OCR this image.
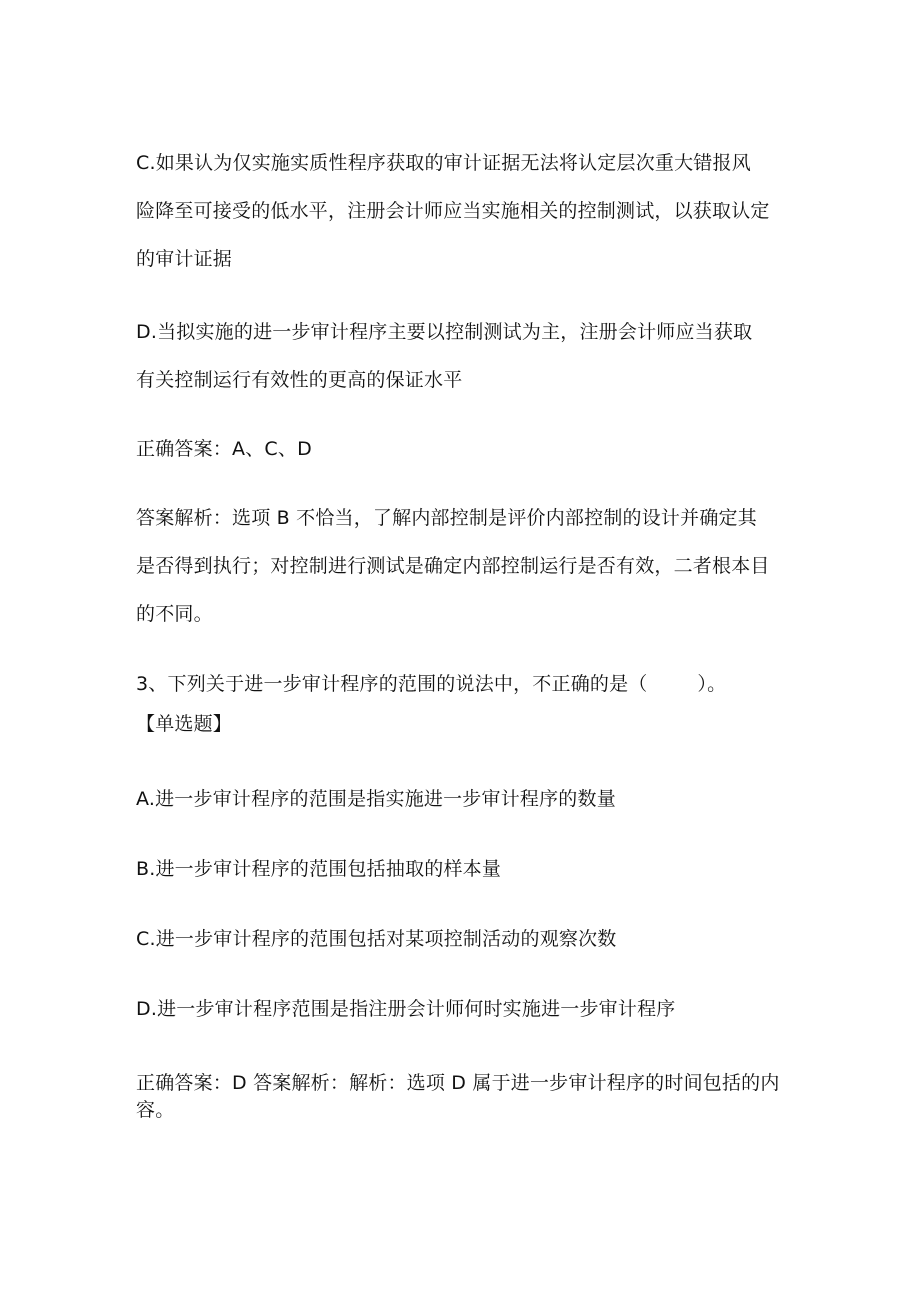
C.如果认为仅实施实质性程序获取的审计证据无法将认定层次重大错报风
险降至可接受的低水平，注册会计师应当实施相关的控制测试，以获取认定
的审计证据
D.当拟实施的进一步审计程序主要以控制测试为主，注册会计师应当获取
有关控制运行有效性的更高的保证水平
正确答案：A、C、D
答案解析：选项 B 不恰当，了解内部控制是评价内部控制的设计并确定其
是否得到执行；对控制进行测试是确定内部控制运行是否有效，二者根本目
的不同。
3、下列关于进一步审计程序的范围的说法中，不正确的是（        ）。
【单选题】
A.进一步审计程序的范围是指实施进一步审计程序的数量
B.进一步审计程序的范围包括抽取的样本量
C.进一步审计程序的范围包括对某项控制活动的观察次数
D.进一步审计程序范围是指注册会计师何时实施进一步审计程序
正确答案：D 答案解析：解析：选项 D 属于进一步审计程序的时间包括的内
容。
